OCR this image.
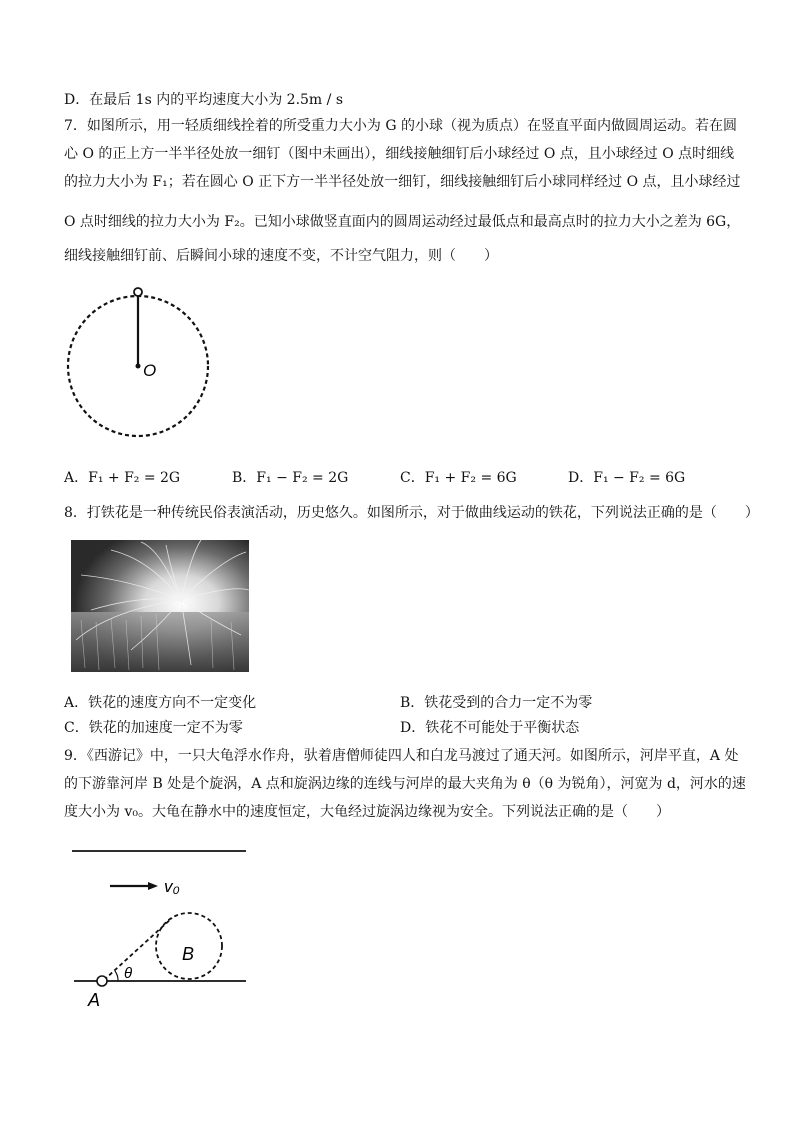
D．在最后 1s 内的平均速度大小为 2.5m / s
7．如图所示，用一轻质细线拴着的所受重力大小为 G 的小球（视为质点）在竖直平面内做圆周运动。若在圆
心 O 的正上方一半半径处放一细钉（图中未画出），细线接触细钉后小球经过 O 点，且小球经过 O 点时细线
的拉力大小为 F₁；若在圆心 O 正下方一半半径处放一细钉，细线接触细钉后小球同样经过 O 点，且小球经过
O 点时细线的拉力大小为 F₂。已知小球做竖直面内的圆周运动经过最低点和最高点时的拉力大小之差为 6G，
细线接触细钉前、后瞬间小球的速度不变，不计空气阻力，则（　　）
O
A．F₁ + F₂ = 2G	B．F₁ − F₂ = 2G	C．F₁ + F₂ = 6G	D．F₁ − F₂ = 6G
8．打铁花是一种传统民俗表演活动，历史悠久。如图所示，对于做曲线运动的铁花，下列说法正确的是（　　）
A．铁花的速度方向不一定变化	B．铁花受到的合力一定不为零
C．铁花的加速度一定不为零	D．铁花不可能处于平衡状态
9．《西游记》中，一只大龟浮水作舟，驮着唐僧师徒四人和白龙马渡过了通天河。如图所示，河岸平直，A 处
的下游靠河岸 B 处是个旋涡，A 点和旋涡边缘的连线与河岸的最大夹角为 θ（θ 为锐角），河宽为 d，河水的速
度大小为 v₀。大龟在静水中的速度恒定，大龟经过旋涡边缘视为安全。下列说法正确的是（　　）
v₀
B
θ
A
